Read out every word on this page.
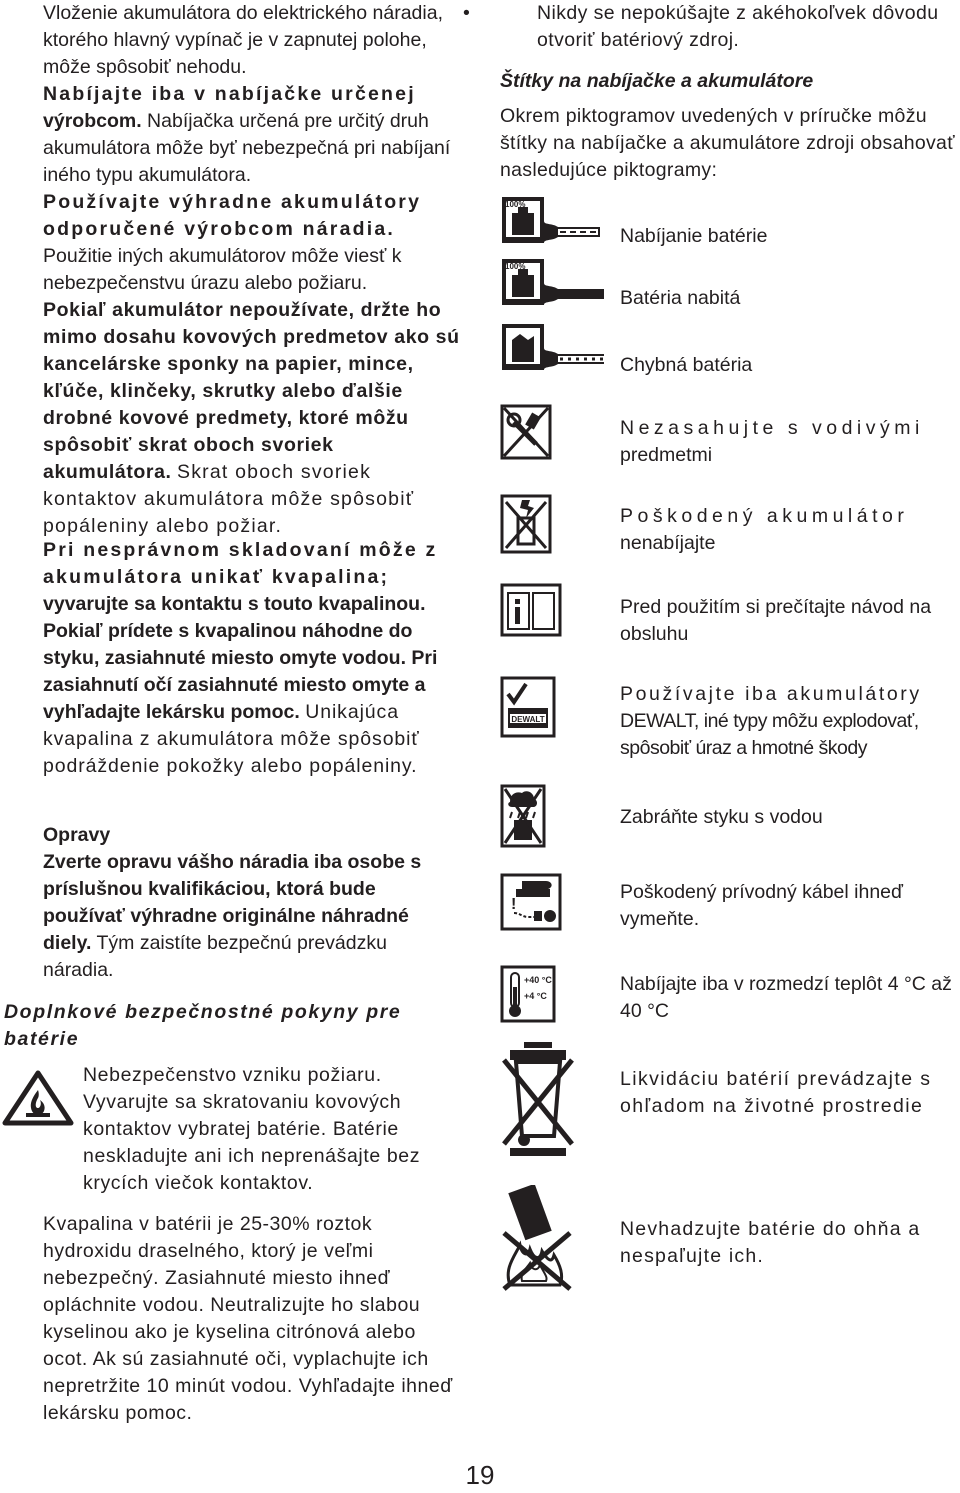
Vloženie akumulátora do elektrického náradia, ktorého hlavný vypínač je v zapnutej polohe, môže spôsobiť nehodu.
Nabíjajte iba v nabíjačke určenej výrobcom. Nabíjačka určená pre určitý druh akumulátora môže byť nebezpečná pri nabíjaní iného typu akumulátora.
Používajte výhradne akumulátory odporučené výrobcom náradia. Použitie iných akumulátorov môže viesť k nebezpečenstvu úrazu alebo požiaru.
Pokiaľ akumulátor nepoužívate, držte ho mimo dosahu kovových predmetov ako sú kancelárske sponky na papier, mince, kľúče, klinčeky, skrutky alebo ďalšie drobné kovové predmety, ktoré môžu spôsobiť skrat oboch svoriek akumulátora. Skrat oboch svoriek kontaktov akumulátora môže spôsobiť popáleniny alebo požiar.
Pri nesprávnom skladovaní môže z akumulátora unikať kvapalina; vyvarujte sa kontaktu s touto kvapalinou. Pokiaľ prídete s kvapalinou náhodne do styku, zasiahnuté miesto omyte vodou. Pri zasiahnutí očí zasiahnuté miesto omyte a vyhľadajte lekársku pomoc. Unikajúca kvapalina z akumulátora môže spôsobiť podráždenie pokožky alebo popáleniny.
Opravy
Zverte opravu vášho náradia iba osobe s príslušnou kvalifikáciou, ktorá bude používať výhradne originálne náhradné diely. Tým zaistíte bezpečnú prevádzku náradia.
Doplnkové bezpečnostné pokyny pre batérie
Nebezpečenstvo vzniku požiaru. Vyvarujte sa skratovaniu kovových kontaktov vybratej batérie. Batérie neskladujte ani ich neprenášajte bez krycích viečok kontaktov.
Kvapalina v batérii je 25-30% roztok hydroxidu draselného, ktorý je veľmi nebezpečný. Zasiahnuté miesto ihneď opláchnite vodou. Neutralizujte ho slabou kyselinou ako je kyselina citrónová alebo ocot. Ak sú zasiahnuté oči, vyplachujte ich nepretržite 10 minút vodou. Vyhľadajte ihneď lekársku pomoc.
•	Nikdy se nepokúšajte z akéhokoľvek dôvodu otvoriť batériový zdroj.
Štítky na nabíjačke a akumulátore
Okrem piktogramov uvedených v príručke môžu štítky na nabíjačke a akumulátore zdroji obsahovať nasledujúce piktogramy:
100%
Nabíjanie batérie
100%
Batéria nabitá
Chybná batéria
Nezasahujte s vodivými
predmetmi
Poškodený akumulátor
nenabíjajte
Pred použitím si prečítajte návod na obsluhu
DEWALT
Používajte iba akumulátory
DEWALT, iné typy môžu explodovať, spôsobiť úraz a hmotné škody
Zabráňte styku s vodou
!
Poškodený prívodný kábel ihneď vymeňte.
+40 °C
+4 °C
Nabíjajte iba v rozmedzí teplôt 4 °C až 40 °C
Likvidáciu batérií prevádzajte s ohľadom na životné prostredie
Nevhadzujte batérie do ohňa a nespaľujte ich.
19
